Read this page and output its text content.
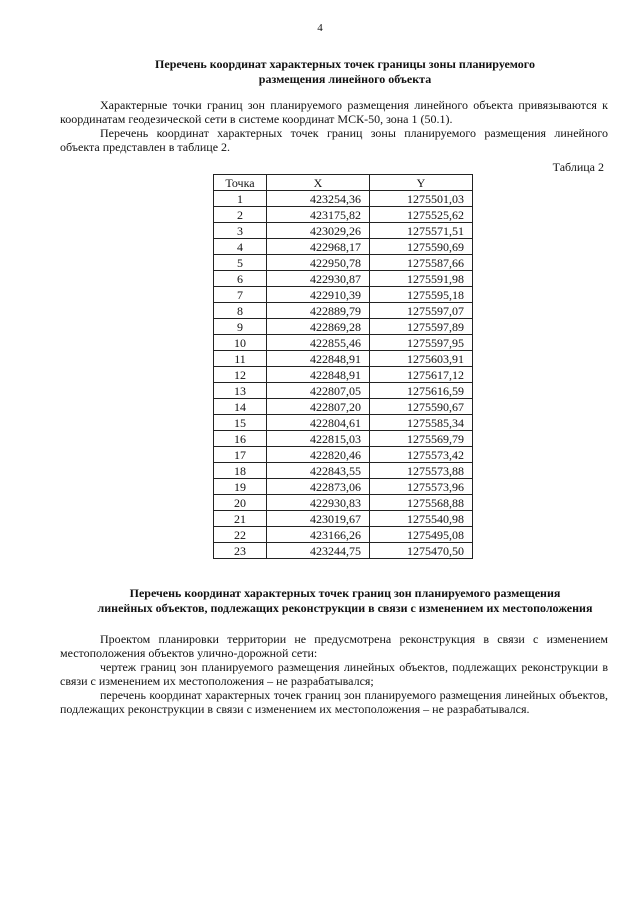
4
Перечень координат характерных точек границы зоны планируемого
размещения линейного объекта
Характерные точки границ зон планируемого размещения линейного объекта привязываются к координатам геодезической сети в системе координат МСК-50, зона 1 (50.1).
Перечень координат характерных точек границ зоны планируемого размещения линейного объекта представлен в таблице 2.
Таблица 2
Точка	X	Y
1	423254,36	1275501,03
2	423175,82	1275525,62
3	423029,26	1275571,51
4	422968,17	1275590,69
5	422950,78	1275587,66
6	422930,87	1275591,98
7	422910,39	1275595,18
8	422889,79	1275597,07
9	422869,28	1275597,89
10	422855,46	1275597,95
11	422848,91	1275603,91
12	422848,91	1275617,12
13	422807,05	1275616,59
14	422807,20	1275590,67
15	422804,61	1275585,34
16	422815,03	1275569,79
17	422820,46	1275573,42
18	422843,55	1275573,88
19	422873,06	1275573,96
20	422930,83	1275568,88
21	423019,67	1275540,98
22	423166,26	1275495,08
23	423244,75	1275470,50
Перечень координат характерных точек границ зон планируемого размещения
линейных объектов, подлежащих реконструкции в связи с изменением их местоположения
Проектом планировки территории не предусмотрена реконструкция в связи с изменением местоположения объектов улично-дорожной сети:
чертеж границ зон планируемого размещения линейных объектов, подлежащих реконструкции в связи с изменением их местоположения – не разрабатывался;
перечень координат характерных точек границ зон планируемого размещения линейных объектов, подлежащих реконструкции в связи с изменением их местоположения – не разрабатывался.
